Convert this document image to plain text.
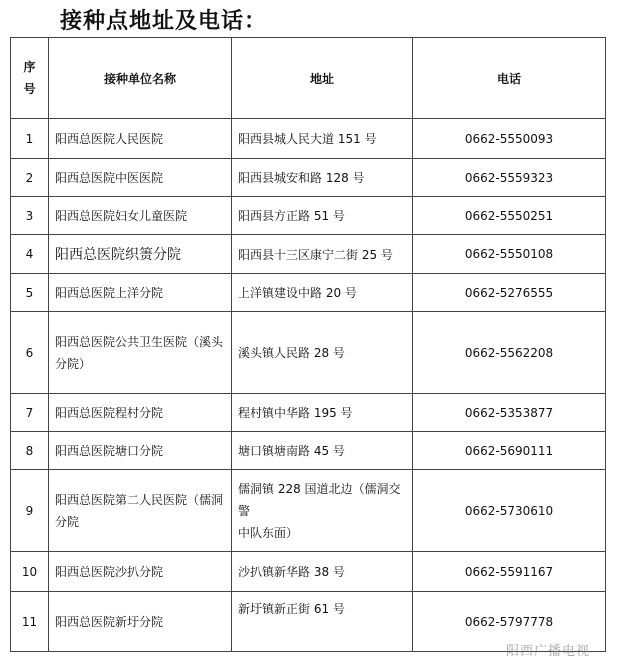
接种点地址及电话：
序
号	接种单位名称	地址	电话
1	阳西总医院人民医院	阳西县城人民大道 151 号	0662-5550093
2	阳西总医院中医医院	阳西县城安和路 128 号	0662-5559323
3	阳西总医院妇女儿童医院	阳西县方正路 51 号	0662-5550251
4	阳西总医院织箦分院	阳西县十三区康宁二街 25 号	0662-5550108
5	阳西总医院上洋分院	上洋镇建设中路 20 号	0662-5276555
6	阳西总医院公共卫生医院（溪头
分院）	溪头镇人民路 28 号	0662-5562208
7	阳西总医院程村分院	程村镇中华路 195 号	0662-5353877
8	阳西总医院塘口分院	塘口镇塘南路 45 号	0662-5690111
9	阳西总医院第二人民医院（儒洞
分院	儒洞镇 228 国道北边（儒洞交警
中队东面）	0662-5730610
10	阳西总医院沙扒分院	沙扒镇新华路 38 号	0662-5591167
11	阳西总医院新圩分院	新圩镇新正街 61 号	0662-5797778
阳西广播电视
